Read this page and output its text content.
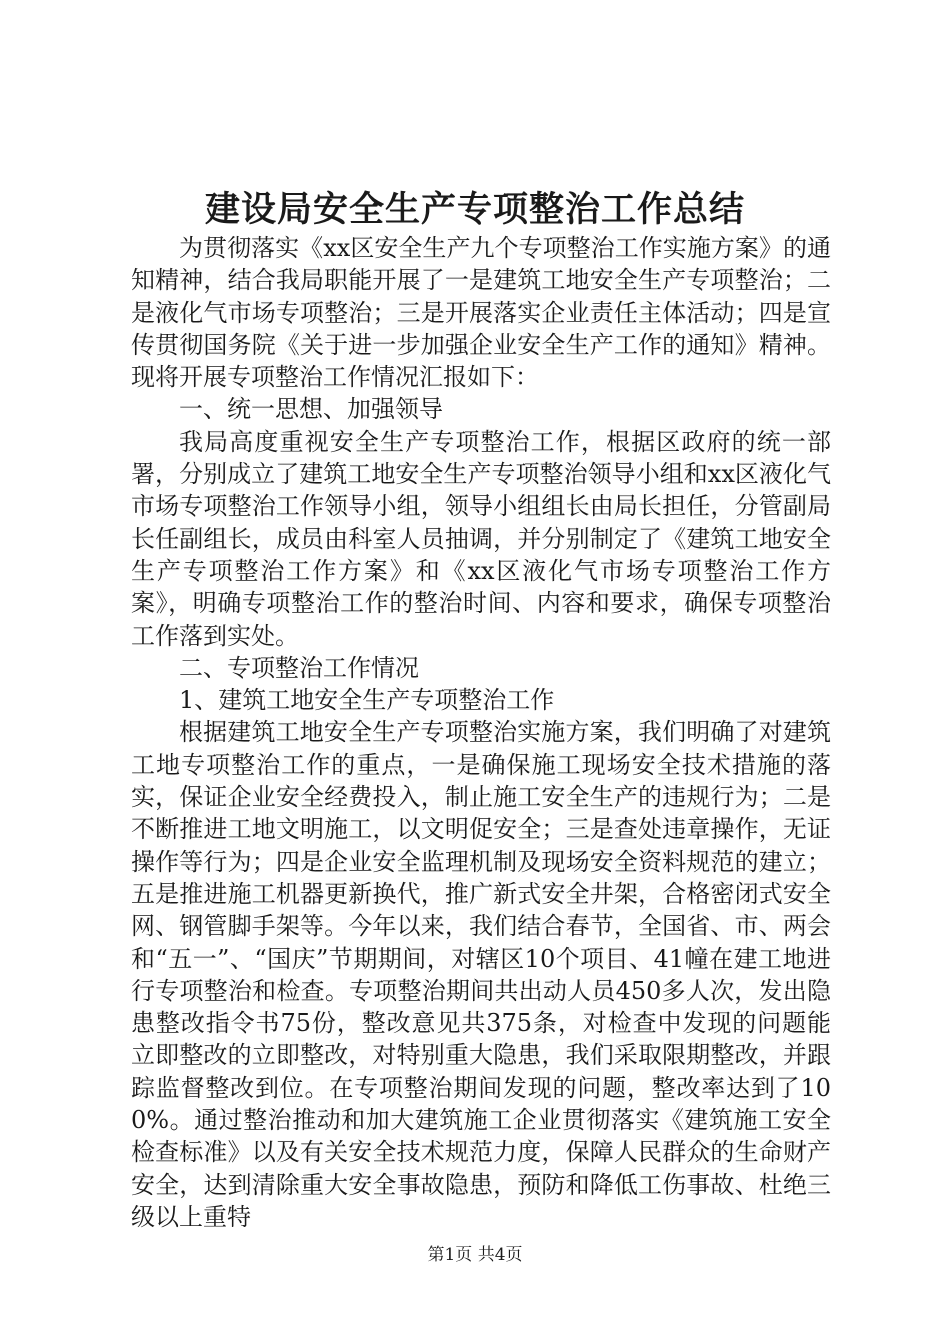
建设局安全生产专项整治工作总结

为贯彻落实《xx区安全生产九个专项整治工作实施方案》的通知精神，结合我局职能开展了一是建筑工地安全生产专项整治；二是液化气市场专项整治；三是开展落实企业责任主体活动；四是宣传贯彻国务院《关于进一步加强企业安全生产工作的通知》精神。现将开展专项整治工作情况汇报如下：

一、统一思想、加强领导

我局高度重视安全生产专项整治工作，根据区政府的统一部署，分别成立了建筑工地安全生产专项整治领导小组和xx区液化气市场专项整治工作领导小组，领导小组组长由局长担任，分管副局长任副组长，成员由科室人员抽调，并分别制定了《建筑工地安全生产专项整治工作方案》和《xx区液化气市场专项整治工作方案》，明确专项整治工作的整治时间、内容和要求，确保专项整治工作落到实处。

二、专项整治工作情况

1、建筑工地安全生产专项整治工作

根据建筑工地安全生产专项整治实施方案，我们明确了对建筑工地专项整治工作的重点，一是确保施工现场安全技术措施的落实，保证企业安全经费投入，制止施工安全生产的违规行为；二是不断推进工地文明施工，以文明促安全；三是查处违章操作，无证操作等行为；四是企业安全监理机制及现场安全资料规范的建立；五是推进施工机器更新换代，推广新式安全井架，合格密闭式安全网、钢管脚手架等。今年以来，我们结合春节，全国省、市、两会和“五一”、“国庆”节期期间，对辖区10个项目、41幢在建工地进行专项整治和检查。专项整治期间共出动人员450多人次，发出隐患整改指令书75份，整改意见共375条，对检查中发现的问题能立即整改的立即整改，对特别重大隐患，我们采取限期整改，并跟踪监督整改到位。在专项整治期间发现的问题，整改率达到了100%。通过整治推动和加大建筑施工企业贯彻落实《建筑施工安全检查标准》以及有关安全技术规范力度，保障人民群众的生命财产安全，达到清除重大安全事故隐患，预防和降低工伤事故、杜绝三级以上重特

第1页 共4页
